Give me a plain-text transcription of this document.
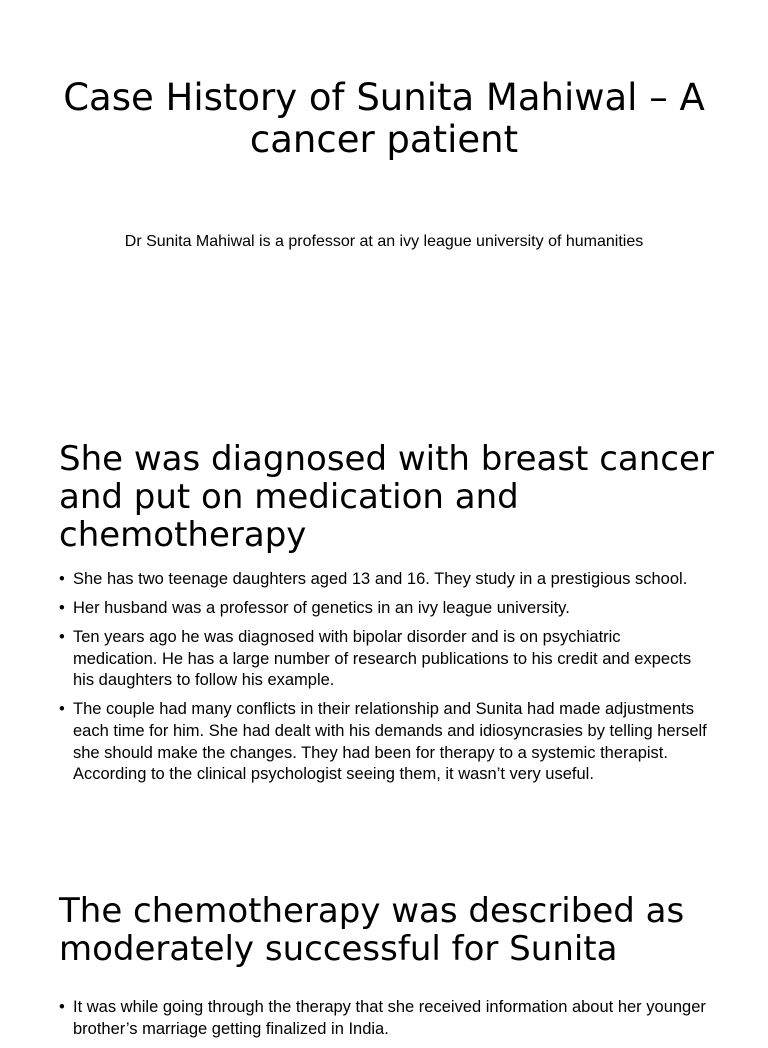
Case History of Sunita Mahiwal – A cancer patient

Dr Sunita Mahiwal is a professor at an ivy league university of humanities

She was diagnosed with breast cancer and put on medication and chemotherapy
• She has two teenage daughters aged 13 and 16. They study in a prestigious school.
• Her husband was a professor of genetics in an ivy league university.
• Ten years ago he was diagnosed with bipolar disorder and is on psychiatric medication. He has a large number of research publications to his credit and expects his daughters to follow his example.
• The couple had many conflicts in their relationship and Sunita had made adjustments each time for him. She had dealt with his demands and idiosyncrasies by telling herself she should make the changes. They had been for therapy to a systemic therapist. According to the clinical psychologist seeing them, it wasn’t very useful.
The chemotherapy was described as moderately successful for Sunita
• It was while going through the therapy that she received information about her younger brother’s marriage getting finalized in India.
